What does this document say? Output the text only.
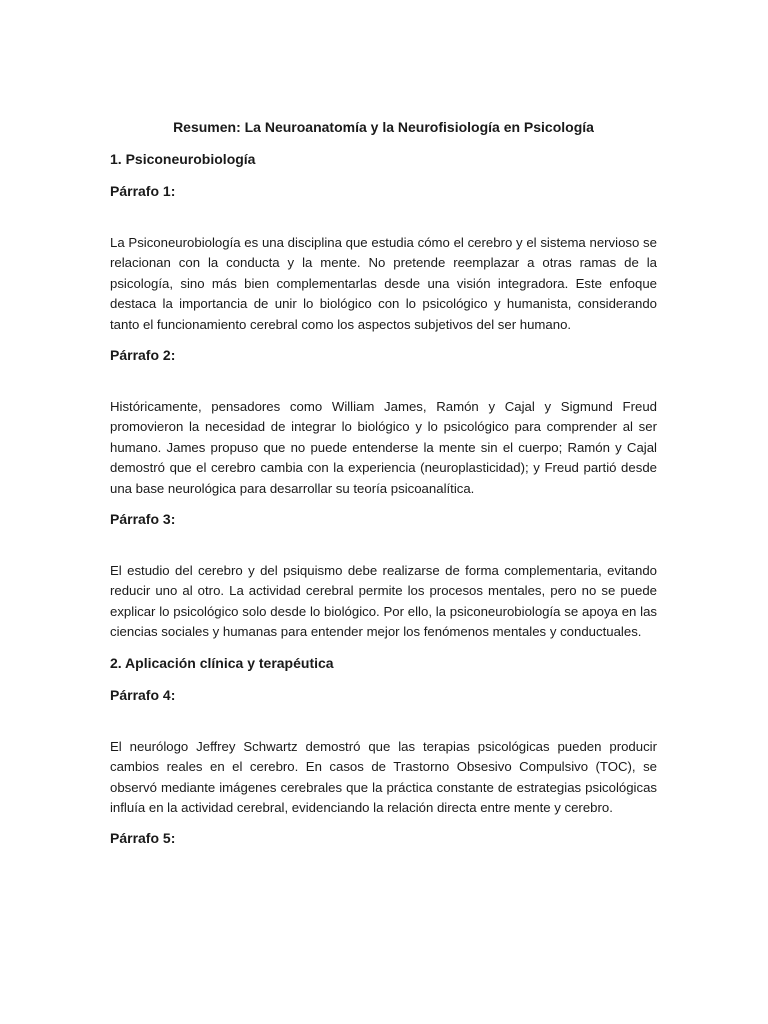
Resumen: La Neuroanatomía y la Neurofisiología en Psicología
1. Psiconeurobiología
Párrafo 1:

La Psiconeurobiología es una disciplina que estudia cómo el cerebro y el sistema nervioso se relacionan con la conducta y la mente. No pretende reemplazar a otras ramas de la psicología, sino más bien complementarlas desde una visión integradora. Este enfoque destaca la importancia de unir lo biológico con lo psicológico y humanista, considerando tanto el funcionamiento cerebral como los aspectos subjetivos del ser humano.

Párrafo 2:

Históricamente, pensadores como William James, Ramón y Cajal y Sigmund Freud promovieron la necesidad de integrar lo biológico y lo psicológico para comprender al ser humano. James propuso que no puede entenderse la mente sin el cuerpo; Ramón y Cajal demostró que el cerebro cambia con la experiencia (neuroplasticidad); y Freud partió desde una base neurológica para desarrollar su teoría psicoanalítica.

Párrafo 3:

El estudio del cerebro y del psiquismo debe realizarse de forma complementaria, evitando reducir uno al otro. La actividad cerebral permite los procesos mentales, pero no se puede explicar lo psicológico solo desde lo biológico. Por ello, la psiconeurobiología se apoya en las ciencias sociales y humanas para entender mejor los fenómenos mentales y conductuales.

2. Aplicación clínica y terapéutica
Párrafo 4:

El neurólogo Jeffrey Schwartz demostró que las terapias psicológicas pueden producir cambios reales en el cerebro. En casos de Trastorno Obsesivo Compulsivo (TOC), se observó mediante imágenes cerebrales que la práctica constante de estrategias psicológicas influía en la actividad cerebral, evidenciando la relación directa entre mente y cerebro.

Párrafo 5:
